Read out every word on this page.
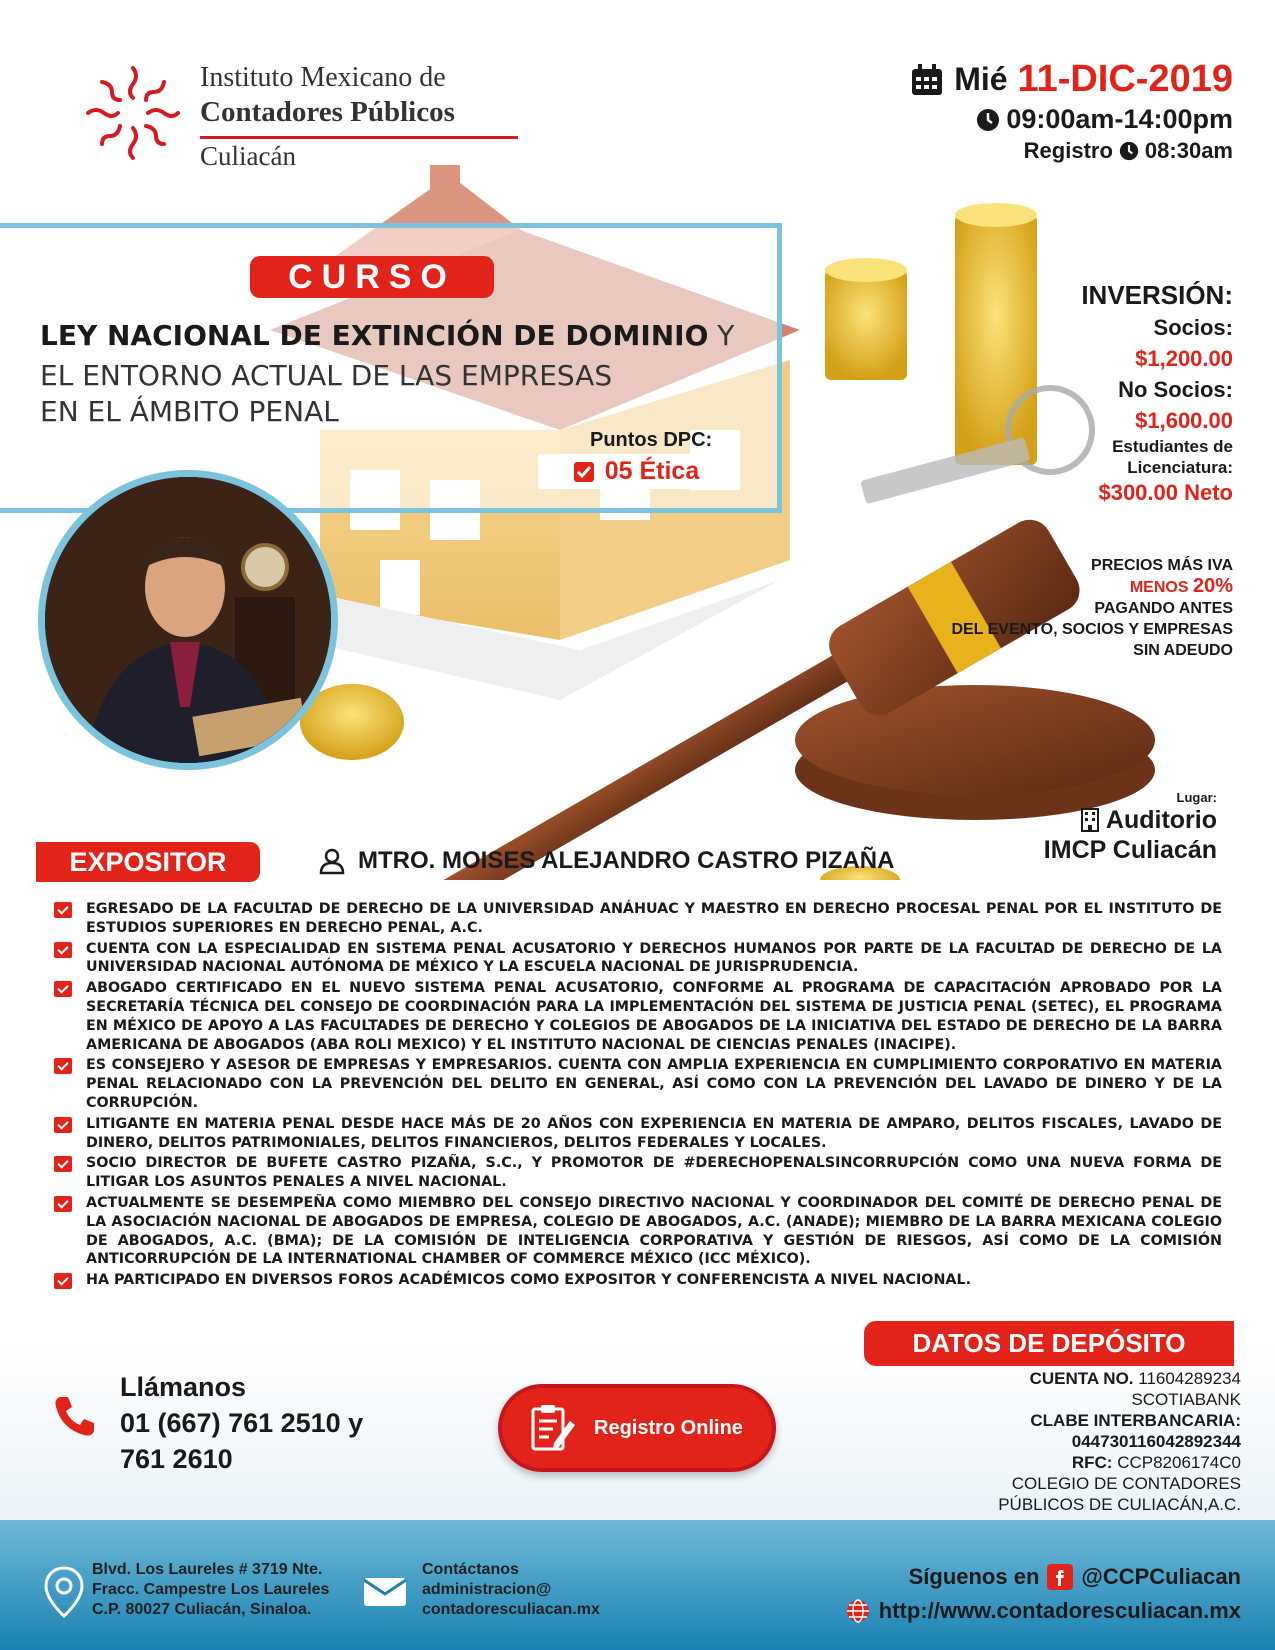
Instituto Mexicano de
Contadores Públicos
Culiacán
Mié 11-DIC-2019
09:00am-14:00pm
Registro 08:30am
CURSO
LEY NACIONAL DE EXTINCIÓN DE DOMINIO Y
EL ENTORNO ACTUAL DE LAS EMPRESAS
EN EL ÁMBITO PENAL
Puntos DPC:
05 Ética
INVERSIÓN:
Socios:
$1,200.00
No Socios:
$1,600.00
Estudiantes de
Licenciatura:
$300.00 Neto
PRECIOS MÁS IVA
MENOS 20%
PAGANDO ANTES
DEL EVENTO, SOCIOS Y EMPRESAS
SIN ADEUDO
Lugar:
Auditorio
IMCP Culiacán
EXPOSITOR	MTRO. MOISES ALEJANDRO CASTRO PIZAÑA
EGRESADO DE LA FACULTAD DE DERECHO DE LA UNIVERSIDAD ANÁHUAC Y MAESTRO EN DERECHO PROCESAL PENAL POR EL INSTITUTO DE ESTUDIOS SUPERIORES EN DERECHO PENAL, A.C.
CUENTA CON LA ESPECIALIDAD EN SISTEMA PENAL ACUSATORIO Y DERECHOS HUMANOS POR PARTE DE LA FACULTAD DE DERECHO DE LA UNIVERSIDAD NACIONAL AUTÓNOMA DE MÉXICO Y LA ESCUELA NACIONAL DE JURISPRUDENCIA.
ABOGADO CERTIFICADO EN EL NUEVO SISTEMA PENAL ACUSATORIO, CONFORME AL PROGRAMA DE CAPACITACIÓN APROBADO POR LA SECRETARÍA TÉCNICA DEL CONSEJO DE COORDINACIÓN PARA LA IMPLEMENTACIÓN DEL SISTEMA DE JUSTICIA PENAL (SETEC), EL PROGRAMA EN MÉXICO DE APOYO A LAS FACULTADES DE DERECHO Y COLEGIOS DE ABOGADOS DE LA INICIATIVA DEL ESTADO DE DERECHO DE LA BARRA AMERICANA DE ABOGADOS (ABA ROLI MEXICO) Y EL INSTITUTO NACIONAL DE CIENCIAS PENALES (INACIPE).
ES CONSEJERO Y ASESOR DE EMPRESAS Y EMPRESARIOS. CUENTA CON AMPLIA EXPERIENCIA EN CUMPLIMIENTO CORPORATIVO EN MATERIA PENAL RELACIONADO CON LA PREVENCIÓN DEL DELITO EN GENERAL, ASÍ COMO CON LA PREVENCIÓN DEL LAVADO DE DINERO Y DE LA CORRUPCIÓN.
LITIGANTE EN MATERIA PENAL DESDE HACE MÁS DE 20 AÑOS CON EXPERIENCIA EN MATERIA DE AMPARO, DELITOS FISCALES, LAVADO DE DINERO, DELITOS PATRIMONIALES, DELITOS FINANCIEROS, DELITOS FEDERALES Y LOCALES.
SOCIO DIRECTOR DE BUFETE CASTRO PIZAÑA, S.C., Y PROMOTOR DE #DERECHOPENALSINCORRUPCIÓN COMO UNA NUEVA FORMA DE LITIGAR LOS ASUNTOS PENALES A NIVEL NACIONAL.
ACTUALMENTE SE DESEMPEÑA COMO MIEMBRO DEL CONSEJO DIRECTIVO NACIONAL Y COORDINADOR DEL COMITÉ DE DERECHO PENAL DE LA ASOCIACIÓN NACIONAL DE ABOGADOS DE EMPRESA, COLEGIO DE ABOGADOS, A.C. (ANADE); MIEMBRO DE LA BARRA MEXICANA COLEGIO DE ABOGADOS, A.C. (BMA); DE LA COMISIÓN DE INTELIGENCIA CORPORATIVA Y GESTIÓN DE RIESGOS, ASÍ COMO DE LA COMISIÓN ANTICORRUPCIÓN DE LA INTERNATIONAL CHAMBER OF COMMERCE MÉXICO (ICC MÉXICO).
HA PARTICIPADO EN DIVERSOS FOROS ACADÉMICOS COMO EXPOSITOR Y CONFERENCISTA A NIVEL NACIONAL.
DATOS DE DEPÓSITO
CUENTA NO. 11604289234
SCOTIABANK
CLABE INTERBANCARIA:
044730116042892344
RFC: CCP8206174C0
COLEGIO DE CONTADORES
PÚBLICOS DE CULIACÁN,A.C.
Llámanos
01 (667) 761 2510 y
761 2610
Registro Online
Blvd. Los Laureles # 3719 Nte.
Fracc. Campestre Los Laureles
C.P. 80027 Culiacán, Sinaloa.
Contáctanos
administracion@
contadoresculiacan.mx
Síguenos en @CCPCuliacan
http://www.contadoresculiacan.mx
